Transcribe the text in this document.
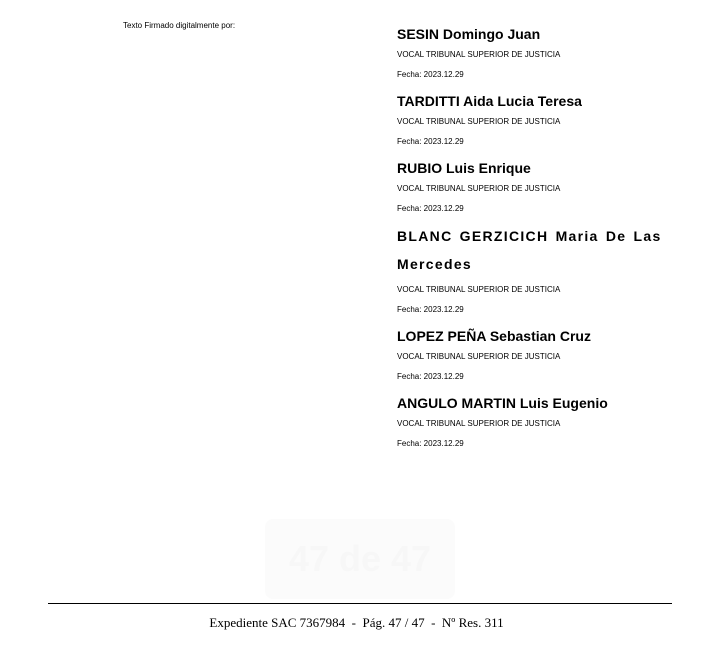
Texto Firmado digitalmente por:
SESIN Domingo Juan
VOCAL TRIBUNAL SUPERIOR DE JUSTICIA
Fecha: 2023.12.29
TARDITTI Aida Lucia Teresa
VOCAL TRIBUNAL SUPERIOR DE JUSTICIA
Fecha: 2023.12.29
RUBIO Luis Enrique
VOCAL TRIBUNAL SUPERIOR DE JUSTICIA
Fecha: 2023.12.29
BLANC GERZICICH Maria De Las Mercedes
VOCAL TRIBUNAL SUPERIOR DE JUSTICIA
Fecha: 2023.12.29
LOPEZ PEÑA Sebastian Cruz
VOCAL TRIBUNAL SUPERIOR DE JUSTICIA
Fecha: 2023.12.29
ANGULO MARTIN Luis Eugenio
VOCAL TRIBUNAL SUPERIOR DE JUSTICIA
Fecha: 2023.12.29
47 de 47
Expediente SAC 7367984  -  Pág. 47 / 47  -  Nº Res. 311
